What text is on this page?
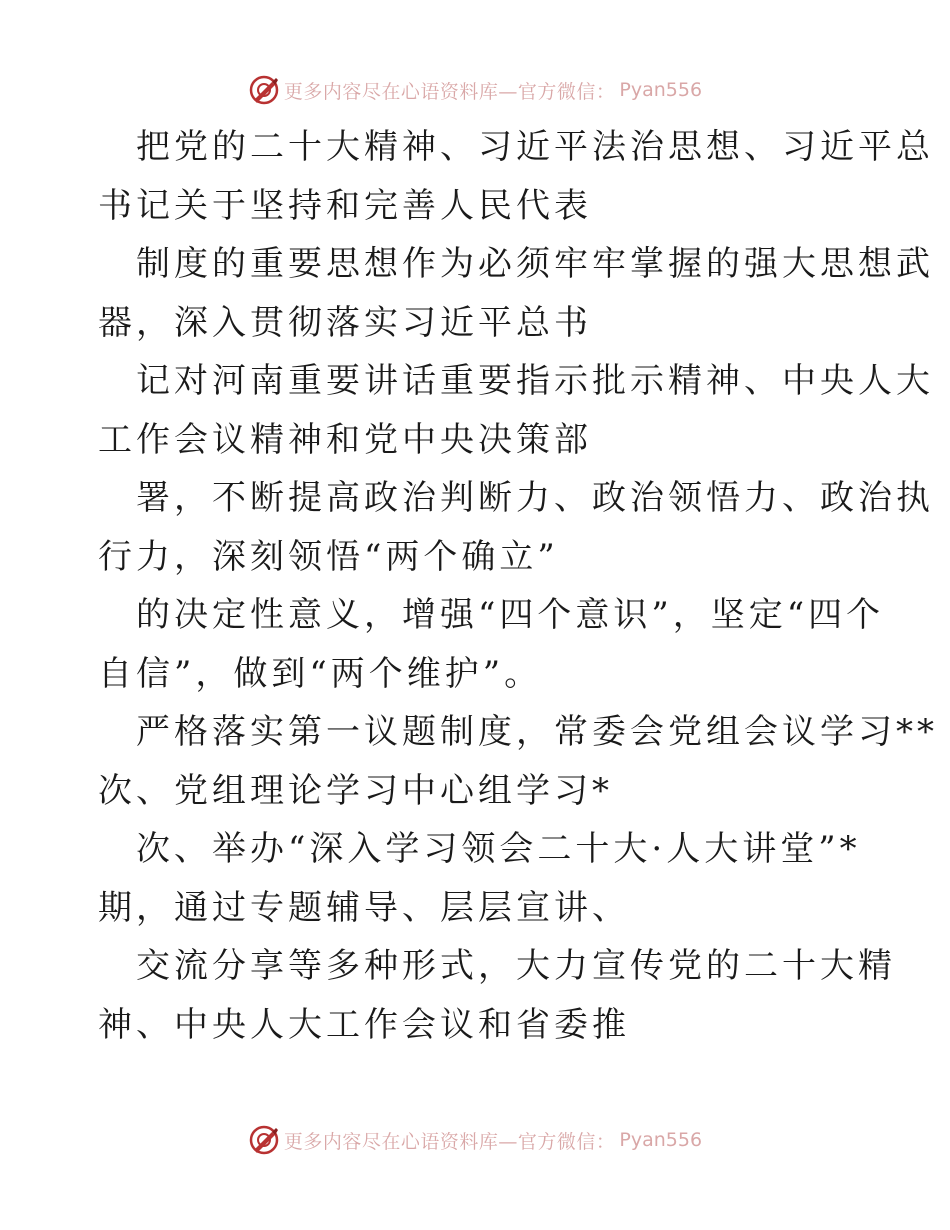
更多内容尽在心语资料库—官方微信： Pyan556
把党的二十大精神、习近平法治思想、习近平总
书记关于坚持和完善人民代表
制度的重要思想作为必须牢牢掌握的强大思想武
器，深入贯彻落实习近平总书
记对河南重要讲话重要指示批示精神、中央人大
工作会议精神和党中央决策部
署，不断提高政治判断力、政治领悟力、政治执
行力，深刻领悟“两个确立”
的决定性意义，增强“四个意识”，坚定“四个
自信”，做到“两个维护”。
严格落实第一议题制度，常委会党组会议学习**
次、党组理论学习中心组学习*
次、举办“深入学习领会二十大·人大讲堂”*
期，通过专题辅导、层层宣讲、
交流分享等多种形式，大力宣传党的二十大精
神、中央人大工作会议和省委推
更多内容尽在心语资料库—官方微信： Pyan556
